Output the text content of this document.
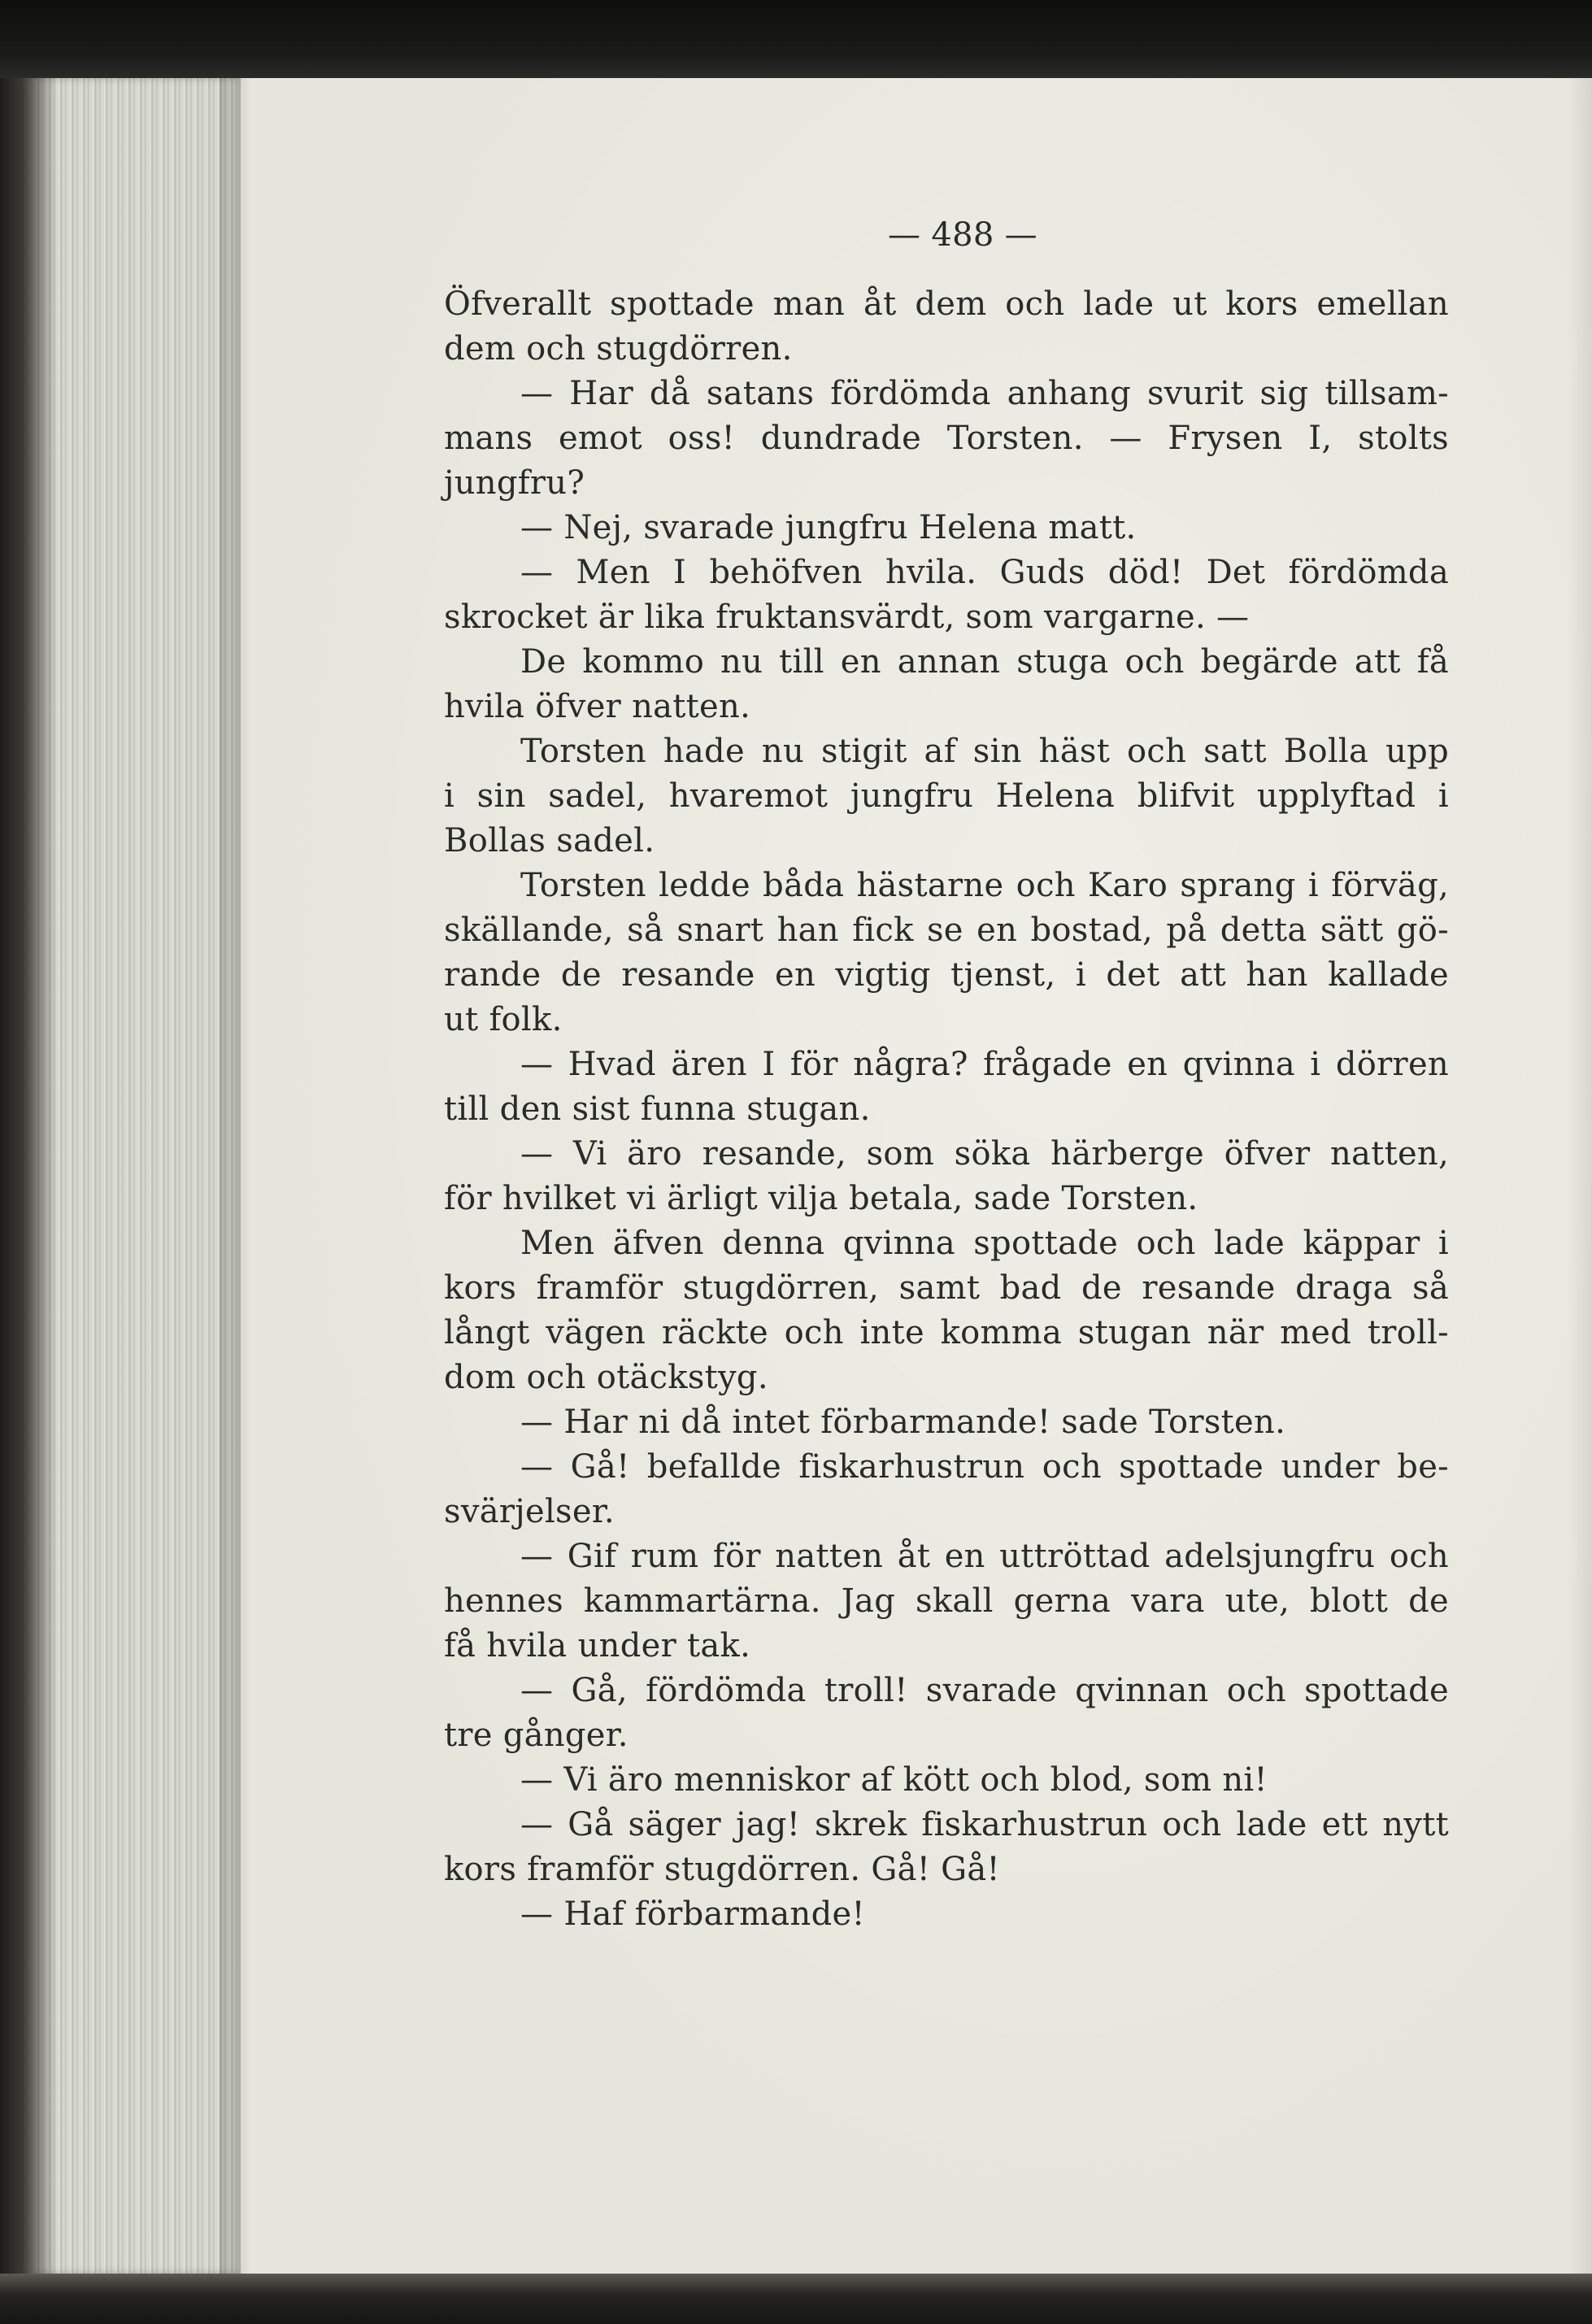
— 488 —
Öfverallt spottade man åt dem och lade ut kors emellan
dem och stugdörren.
— Har då satans fördömda anhang svurit sig tillsam-
mans emot oss! dundrade Torsten. — Frysen I, stolts
jungfru?
— Nej, svarade jungfru Helena matt.
— Men I behöfven hvila. Guds död! Det fördömda
skrocket är lika fruktansvärdt, som vargarne. —
De kommo nu till en annan stuga och begärde att få
hvila öfver natten.
Torsten hade nu stigit af sin häst och satt Bolla upp
i sin sadel, hvaremot jungfru Helena blifvit upplyftad i
Bollas sadel.
Torsten ledde båda hästarne och Karo sprang i förväg,
skällande, så snart han fick se en bostad, på detta sätt gö-
rande de resande en vigtig tjenst, i det att han kallade
ut folk.
— Hvad ären I för några? frågade en qvinna i dörren
till den sist funna stugan.
— Vi äro resande, som söka härberge öfver natten,
för hvilket vi ärligt vilja betala, sade Torsten.
Men äfven denna qvinna spottade och lade käppar i
kors framför stugdörren, samt bad de resande draga så
långt vägen räckte och inte komma stugan när med troll-
dom och otäckstyg.
— Har ni då intet förbarmande! sade Torsten.
— Gå! befallde fiskarhustrun och spottade under be-
svärjelser.
— Gif rum för natten åt en uttröttad adelsjungfru och
hennes kammartärna. Jag skall gerna vara ute, blott de
få hvila under tak.
— Gå, fördömda troll! svarade qvinnan och spottade
tre gånger.
— Vi äro menniskor af kött och blod, som ni!
— Gå säger jag! skrek fiskarhustrun och lade ett nytt
kors framför stugdörren. Gå! Gå!
— Haf förbarmande!
